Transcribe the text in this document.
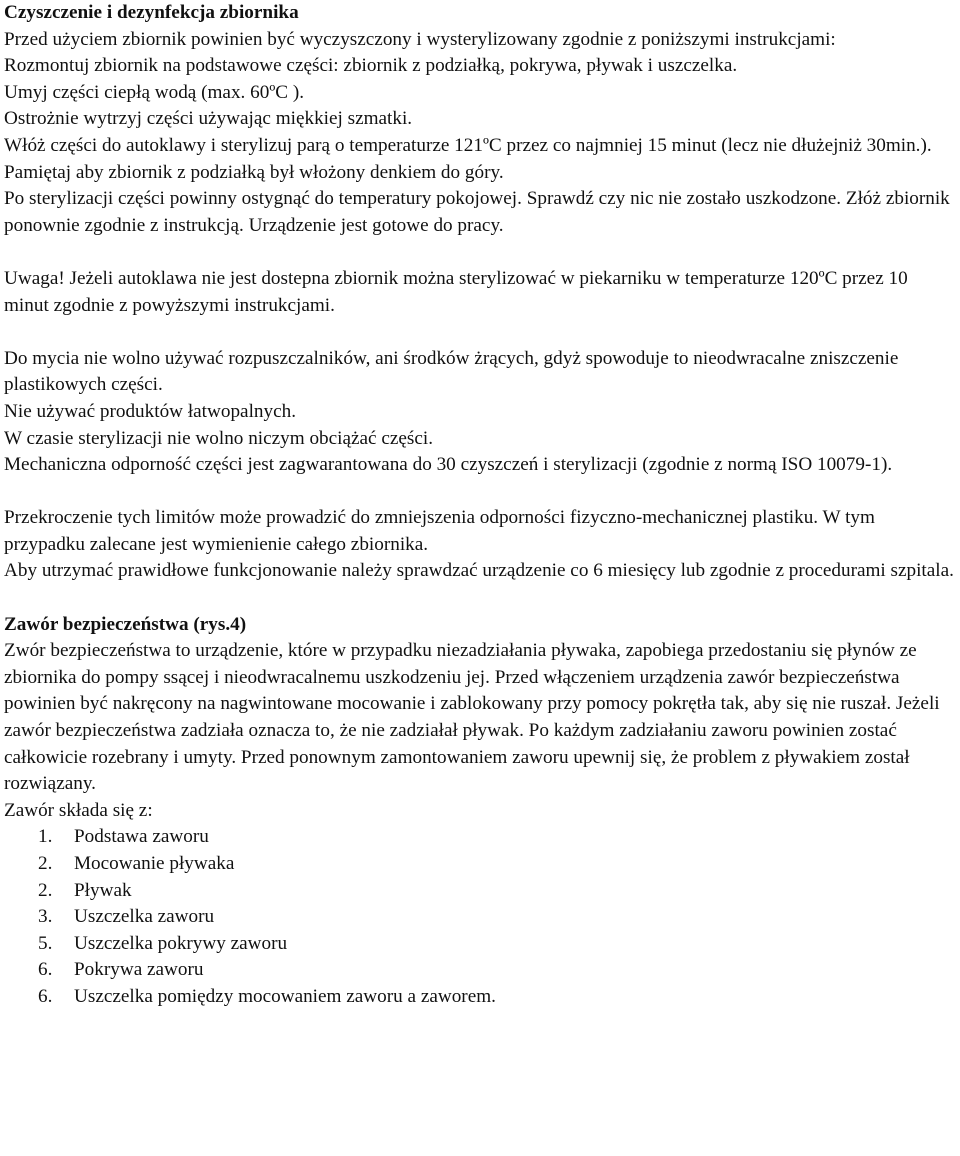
Czyszczenie i dezynfekcja zbiornika

Przed użyciem zbiornik powinien być wyczyszczony i wysterylizowany zgodnie z poniższymi instrukcjami:

Rozmontuj zbiornik na podstawowe części: zbiornik z podziałką, pokrywa, pływak i uszczelka.

Umyj części ciepłą wodą (max. 60ºC ).

Ostrożnie wytrzyj części używając miękkiej szmatki.

Włóż części do autoklawy i sterylizuj parą o temperaturze 121ºC przez co najmniej 15 minut (lecz nie dłużejniż 30min.). Pamiętaj aby zbiornik z podziałką był włożony denkiem do góry.

Po sterylizacji części powinny ostygnąć do temperatury pokojowej. Sprawdź czy nic nie zostało uszkodzone. Złóż zbiornik ponownie zgodnie z instrukcją. Urządzenie jest gotowe do pracy.

Uwaga! Jeżeli autoklawa nie jest dostepna zbiornik można sterylizować w piekarniku w temperaturze 120ºC przez 10 minut zgodnie z powyższymi instrukcjami.

Do mycia nie wolno używać rozpuszczalników, ani środków żrących, gdyż spowoduje to nieodwracalne zniszczenie plastikowych części.

Nie używać produktów łatwopalnych.

W czasie sterylizacji nie wolno niczym obciążać części.

Mechaniczna odporność części jest zagwarantowana do 30 czyszczeń i sterylizacji (zgodnie z normą ISO 10079-1).

Przekroczenie tych limitów może prowadzić do zmniejszenia odporności fizyczno-mechanicznej plastiku. W tym przypadku zalecane jest wymienienie całego zbiornika.

Aby utrzymać prawidłowe funkcjonowanie należy sprawdzać urządzenie co 6 miesięcy lub zgodnie z procedurami szpitala.

Zawór bezpieczeństwa (rys.4)

Zwór bezpieczeństwa to urządzenie, które w przypadku niezadziałania pływaka, zapobiega przedostaniu się płynów ze zbiornika do pompy ssącej i nieodwracalnemu uszkodzeniu jej. Przed włączeniem urządzenia zawór bezpieczeństwa powinien być nakręcony na nagwintowane mocowanie i zablokowany przy pomocy pokrętła tak, aby się nie ruszał. Jeżeli zawór bezpieczeństwa zadziała oznacza to, że nie zadziałał pływak. Po każdym zadziałaniu zaworu powinien zostać całkowicie rozebrany i umyty. Przed ponownym zamontowaniem zaworu upewnij się, że problem z pływakiem został rozwiązany.

Zawór składa się z:

1.	Podstawa zaworu
2.	Mocowanie pływaka
2.	Pływak
3.	Uszczelka zaworu
5.	Uszczelka pokrywy zaworu
6.	Pokrywa zaworu
6.	Uszczelka pomiędzy mocowaniem zaworu a zaworem.
